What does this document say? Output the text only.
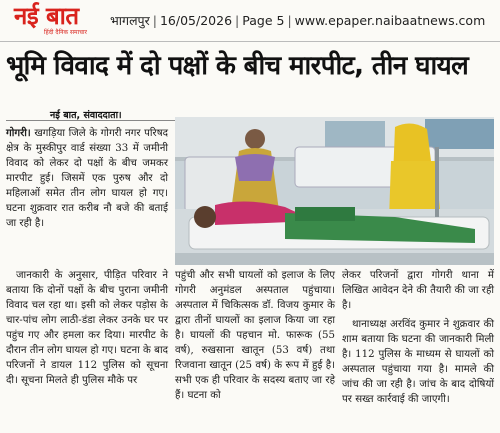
नई बात
हिंदी दैनिक समाचार
भागलपुर | 16/05/2026 | Page 5 | www.epaper.naibaatnews.com
भूमि विवाद में दो पक्षों के बीच मारपीट, तीन घायल
नई बात, संवाददाता।

गोगरी। खगड़िया जिले के गोगरी नगर परिषद क्षेत्र के मुस्कीपुर वार्ड संख्या 33 में जमीनी विवाद को लेकर दो पक्षों के बीच जमकर मारपीट हुई। जिसमें एक पुरुष और दो महिलाओं समेत तीन लोग घायल हो गए। घटना शुक्रवार रात करीब नौ बजे की बताई जा रही है।

जानकारी के अनुसार, पीड़ित परिवार ने बताया कि दोनों पक्षों के बीच पुराना जमीनी विवाद चल रहा था। इसी को लेकर पड़ोस के चार-पांच लोग लाठी-डंडा लेकर उनके घर पर पहुंच गए और हमला कर दिया। मारपीट के दौरान तीन लोग घायल हो गए। घटना के बाद परिजनों ने डायल 112 पुलिस को सूचना दी। सूचना मिलते ही पुलिस मौके पर

पहुंची और सभी घायलों को इलाज के लिए गोगरी अनुमंडल अस्पताल पहुंचाया। अस्पताल में चिकित्सक डॉ. विजय कुमार के द्वारा तीनों घायलों का इलाज किया जा रहा है। घायलों की पहचान मो. फारूक (55 वर्ष), रुखसाना खातून (53 वर्ष) तथा रिजवाना खातून (25 वर्ष) के रूप में हुई है। सभी एक ही परिवार के सदस्य बताए जा रहे हैं। घटना को

लेकर परिजनों द्वारा गोगरी थाना में लिखित आवेदन देने की तैयारी की जा रही है।

थानाध्यक्ष अरविंद कुमार ने शुक्रवार की शाम बताया कि घटना की जानकारी मिली है। 112 पुलिस के माध्यम से घायलों को अस्पताल पहुंचाया गया है। मामले की जांच की जा रही है। जांच के बाद दोषियों पर सख्त कार्रवाई की जाएगी।
